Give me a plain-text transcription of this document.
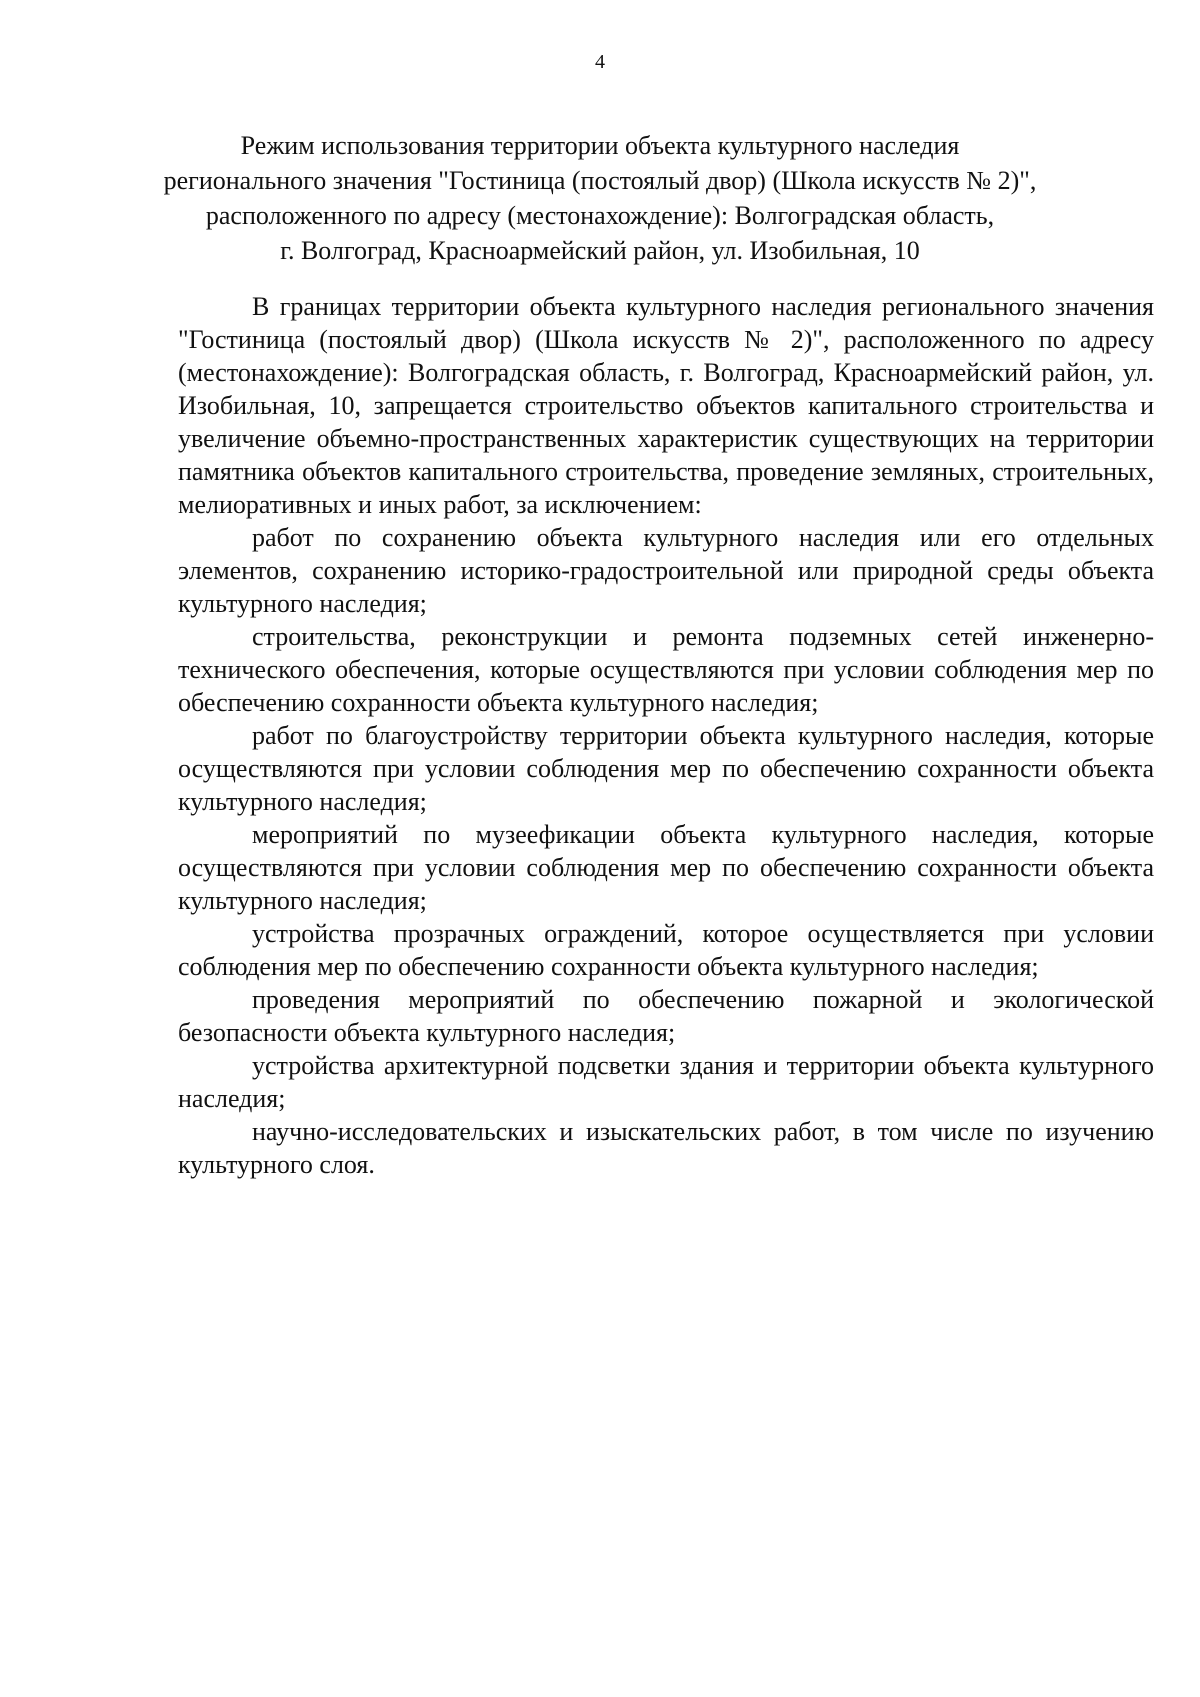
4
Режим использования территории объекта культурного наследия
регионального значения "Гостиница (постоялый двор) (Школа искусств № 2)",
расположенного по адресу (местонахождение): Волгоградская область,
г. Волгоград, Красноармейский район, ул. Изобильная, 10

В границах территории объекта культурного наследия регионального значения "Гостиница (постоялый двор) (Школа искусств № 2)", расположенного по адресу (местонахождение): Волгоградская область, г. Волгоград, Красноармейский район, ул. Изобильная, 10, запрещается строительство объектов капитального строительства и увеличение объемно-пространственных характеристик существующих на территории памятника объектов капитального строительства, проведение земляных, строительных, мелиоративных и иных работ, за исключением:

работ по сохранению объекта культурного наследия или его отдельных элементов, сохранению историко-градостроительной или природной среды объекта культурного наследия;

строительства, реконструкции и ремонта подземных сетей инженерно-технического обеспечения, которые осуществляются при условии соблюдения мер по обеспечению сохранности объекта культурного наследия;

работ по благоустройству территории объекта культурного наследия, которые осуществляются при условии соблюдения мер по обеспечению сохранности объекта культурного наследия;

мероприятий по музеефикации объекта культурного наследия, которые осуществляются при условии соблюдения мер по обеспечению сохранности объекта культурного наследия;

устройства прозрачных ограждений, которое осуществляется при условии соблюдения мер по обеспечению сохранности объекта культурного наследия;

проведения мероприятий по обеспечению пожарной и экологической безопасности объекта культурного наследия;

устройства архитектурной подсветки здания и территории объекта культурного наследия;

научно-исследовательских и изыскательских работ, в том числе по изучению культурного слоя.
